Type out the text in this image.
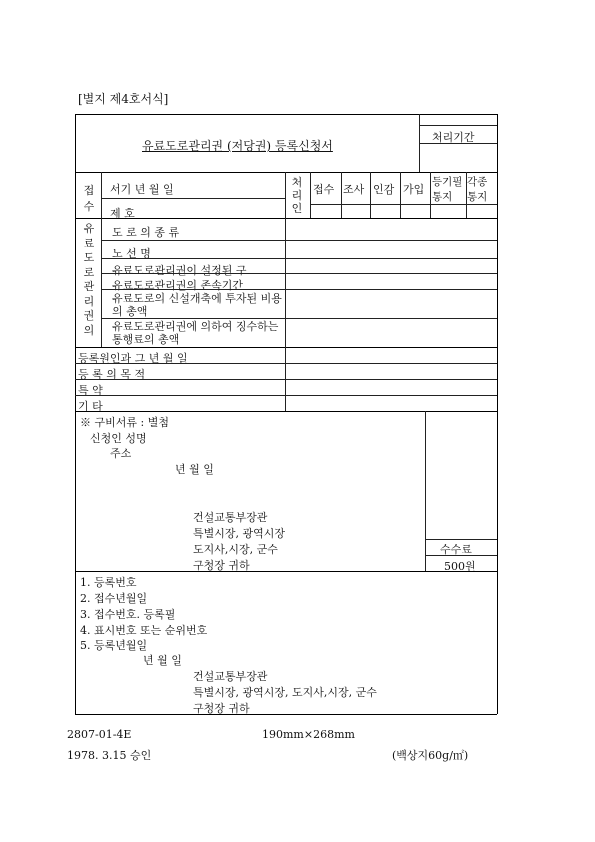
[별지 제4호서식]
유료도로관리권 (저당권) 등록신청서
처리기간
접수
서기 년 월 일
제 호
처리인
접수 조사 인감 가입
등기필통지
각종통지
유료도로관리권의
도 로 의 종 류
노 선 명
유료도로관리권이 설정된 구
유료도로관리권의 존속기간
유료도로의 신설개축에 투자된 비용의 총액
유료도로관리권에 의하여 징수하는 통행료의 총액
등록원인과 그 년 월 일
등 록 의 목 적
특 약
기 타
※ 구비서류 : 별첨
신청인 성명
주소
년 월 일
건설교통부장관
특별시장, 광역시장
도지사,시장, 군수
구청장 귀하
수수료
500원
1. 등록번호
2. 접수년월일
3. 접수번호. 등록필
4. 표시번호 또는 순위번호
5. 등록년월일
년 월 일
건설교통부장관
특별시장, 광역시장, 도지사,시장, 군수
구청장 귀하
2807-01-4E	190mm×268mm
1978. 3.15 승인	(백상지60g/㎡)
